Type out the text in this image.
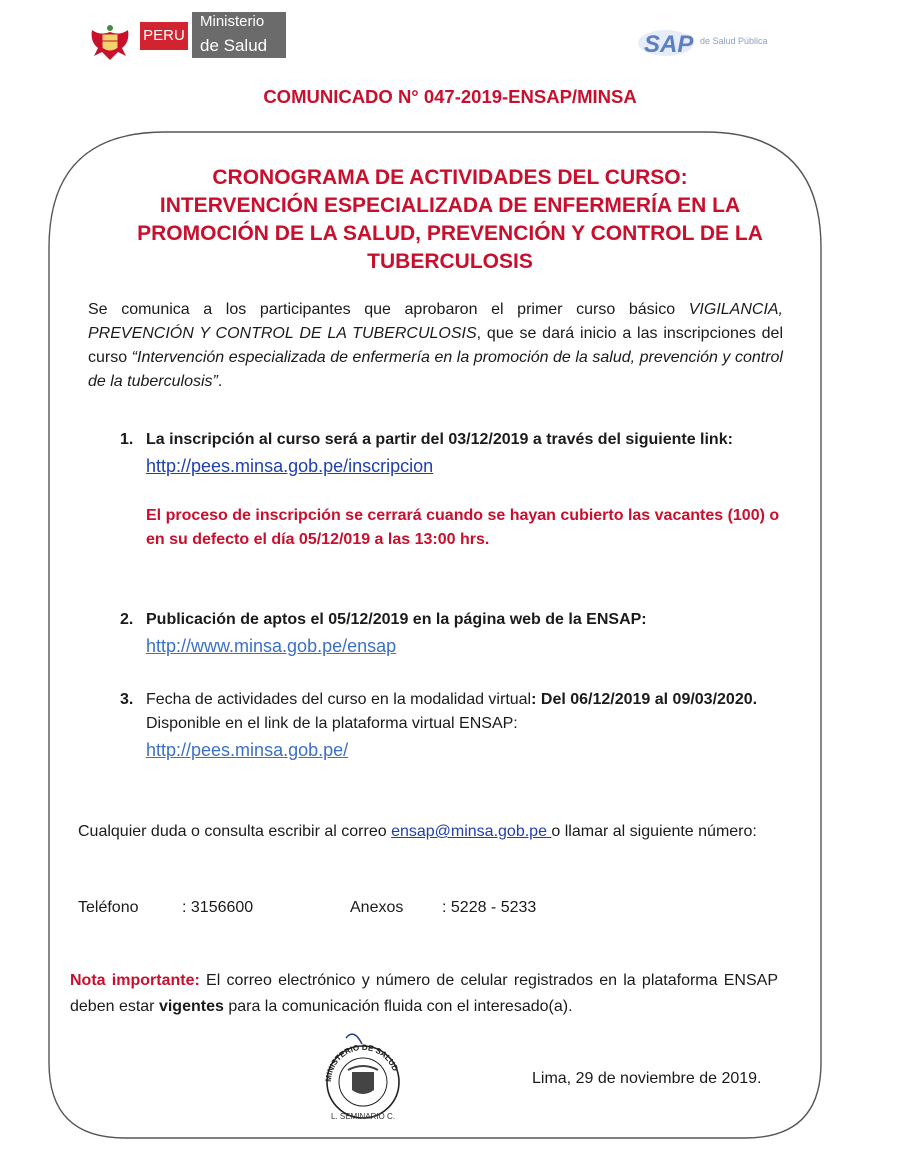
PERU
Ministerio
de Salud	SAP de Salud Pública
COMUNICADO N° 047-2019-ENSAP/MINSA
CRONOGRAMA DE ACTIVIDADES DEL CURSO:
INTERVENCIÓN ESPECIALIZADA DE ENFERMERÍA EN LA
PROMOCIÓN DE LA SALUD, PREVENCIÓN Y CONTROL DE LA
TUBERCULOSIS
Se comunica a los participantes que aprobaron el primer curso básico VIGILANCIA, PREVENCIÓN Y CONTROL DE LA TUBERCULOSIS, que se dará inicio a las inscripciones del curso “Intervención especializada de enfermería en la promoción de la salud, prevención y control de la tuberculosis”.
1. La inscripción al curso será a partir del 03/12/2019 a través del siguiente link:
http://pees.minsa.gob.pe/inscripcion
El proceso de inscripción se cerrará cuando se hayan cubierto las vacantes (100) o en su defecto el día 05/12/019 a las 13:00 hrs.
2. Publicación de aptos el 05/12/2019 en la página web de la ENSAP:
http://www.minsa.gob.pe/ensap
3. Fecha de actividades del curso en la modalidad virtual: Del 06/12/2019 al 09/03/2020. Disponible en el link de la plataforma virtual ENSAP:
http://pees.minsa.gob.pe/
Cualquier duda o consulta escribir al correo ensap@minsa.gob.pe o llamar al siguiente número:
Teléfono	: 3156600	Anexos : 5228 - 5233
Nota importante: El correo electrónico y número de celular registrados en la plataforma ENSAP deben estar vigentes para la comunicación fluida con el interesado(a).
MINISTERIO DE SALUD
L. SEMINARIO C.
Lima, 29 de noviembre de 2019.
